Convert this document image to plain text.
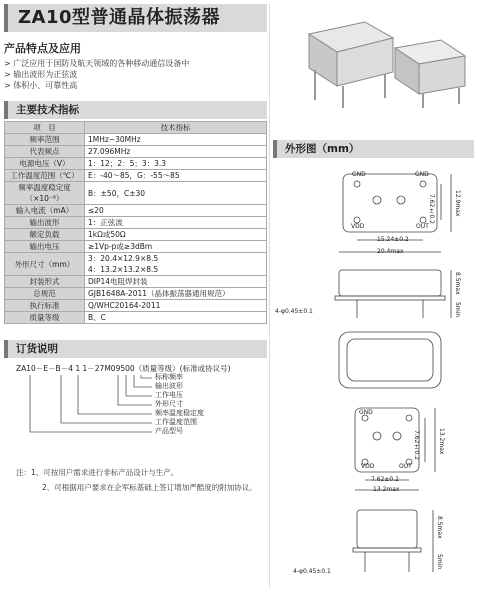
ZA10型普通晶体振荡器
产品特点及应用
> 广泛应用于国防及航天领域的各种移动通信设备中
> 输出波形为正弦波
> 体积小、可靠性高
主要技术指标
项　目	技术指标
频率范围	1MHz~30MHz
代表频点	27.096MHz
电源电压（V）	1：12；2：5；3：3.3
工作温度范围（℃）	E：-40～85，G：-55～85
频率温度稳定度（×10⁻⁶）	B：±50，C±30
输入电流（mA）	≤20
输出波形	1：正弦波
额定负载	1kΩ或50Ω
输出电压	≥1Vp-p或≥3dBm
外形尺寸（mm）	3：20.4×12.9×8.5
4：13.2×13.2×8.5
封装形式	DIP14电阻焊封装
总规范	GJB1648A-2011（晶体振荡器通用规范）
执行标准	Q/WHC20164-2011
质量等级	B、C
订货说明
ZA10－E－B－4 1 1－27M09500（质量等级）(标准或协议号)
标称频率
输出波形
工作电压
外形尺寸
频率温度稳定度
工作温度范围
产品型号
注：1、可按用户需求进行非标产品设计与生产。
2、可根据用户要求在企军标基础上签订增加严酷度的附加协议。
外形图（mm）
GND	GND
VDD	OUT
15.24±0.2
20.4max
7.62±0.2	12.9max
8.5max
5min
4-φ0.45±0.1
GND
VDD	OUT
7.62±0.2
13.2max
7.62±0.2	13.2max
8.5max
5min
4-φ0.45±0.1
